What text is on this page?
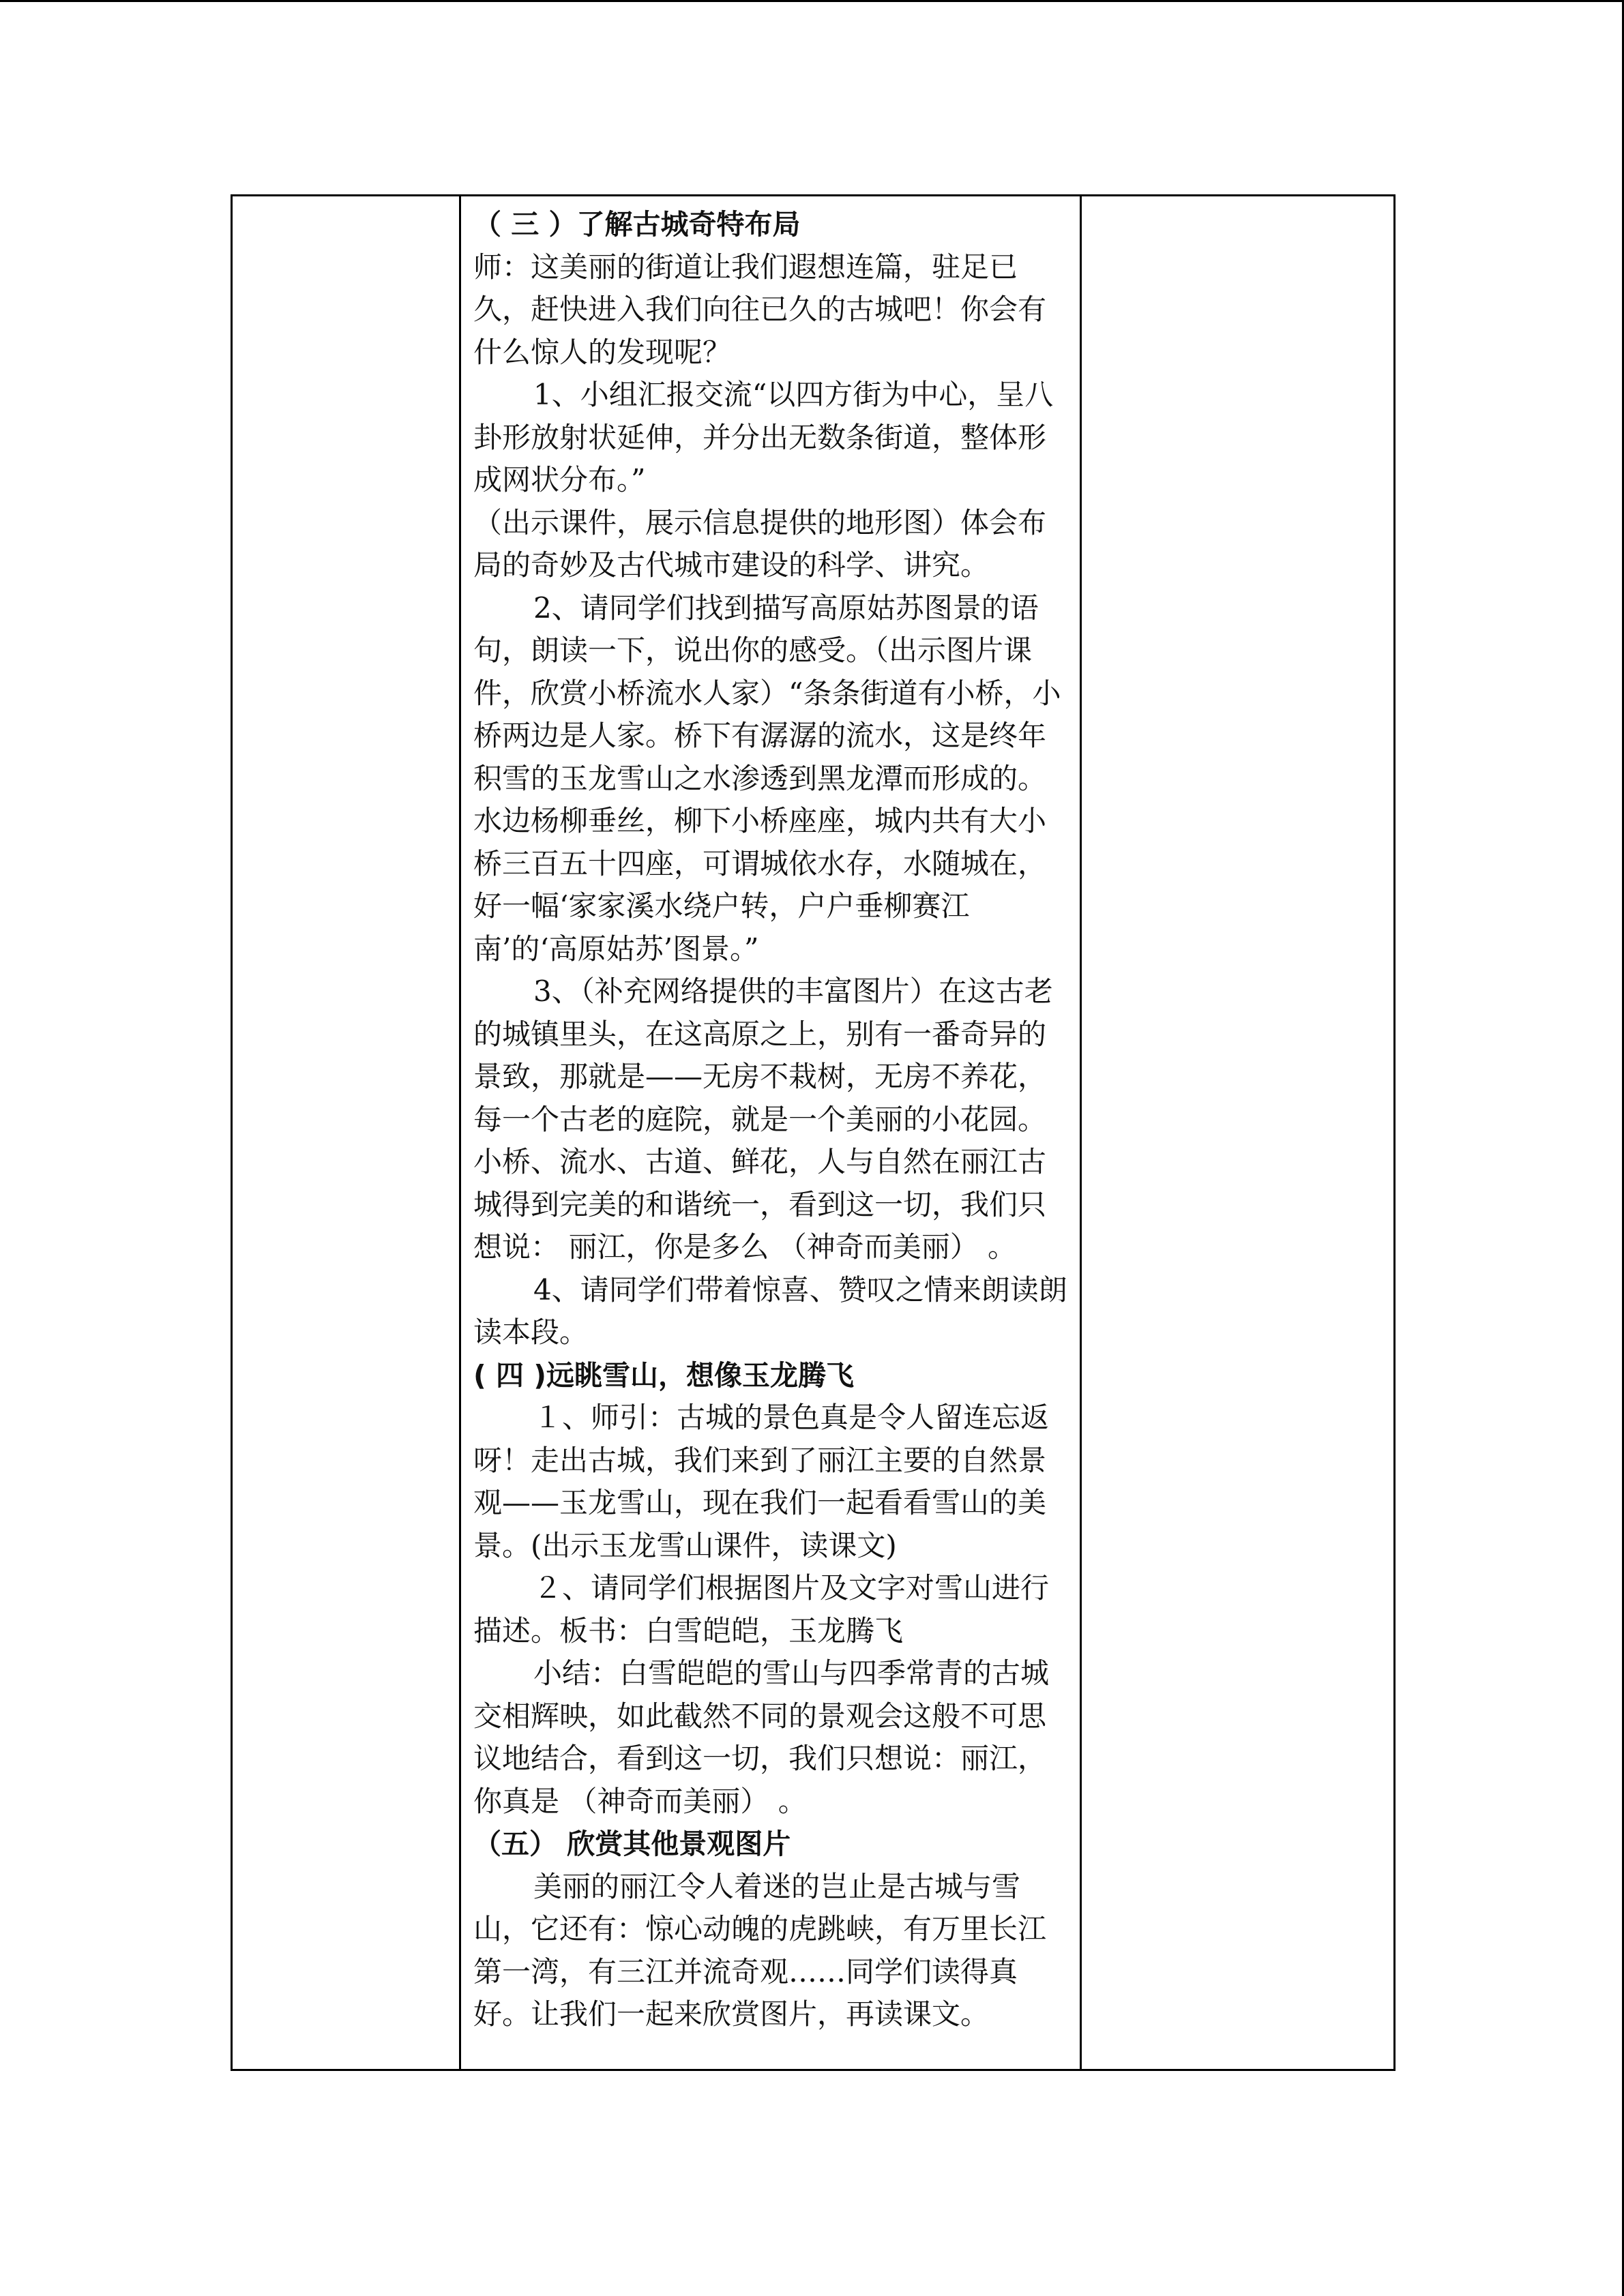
（ 三 ）了解古城奇特布局

师：这美丽的街道让我们遐想连篇，驻足已久，赶快进入我们向往已久的古城吧！你会有什么惊人的发现呢？

1、小组汇报交流“以四方街为中心，呈八卦形放射状延伸，并分出无数条街道，整体形成网状分布。”

（出示课件，展示信息提供的地形图）体会布局的奇妙及古代城市建设的科学、讲究。

2、请同学们找到描写高原姑苏图景的语句，朗读一下，说出你的感受。（出示图片课件，欣赏小桥流水人家）“条条街道有小桥，小桥两边是人家。桥下有潺潺的流水，这是终年积雪的玉龙雪山之水渗透到黑龙潭而形成的。水边杨柳垂丝，柳下小桥座座，城内共有大小桥三百五十四座，可谓城依水存，水随城在，好一幅‘家家溪水绕户转，户户垂柳赛江南’的‘高原姑苏’图景。”

3、（补充网络提供的丰富图片）在这古老的城镇里头，在这高原之上，别有一番奇异的景致，那就是——无房不栽树，无房不养花，每一个古老的庭院，就是一个美丽的小花园。小桥、流水、古道、鲜花，人与自然在丽江古城得到完美的和谐统一，看到这一切，我们只想说： 丽江，你是多么 （神奇而美丽） 。

4、请同学们带着惊喜、赞叹之情来朗读朗读本段。

( 四 )远眺雪山，想像玉龙腾飞

１、师引：古城的景色真是令人留连忘返呀！走出古城，我们来到了丽江主要的自然景观——玉龙雪山，现在我们一起看看雪山的美景。(出示玉龙雪山课件，读课文)

２、请同学们根据图片及文字对雪山进行描述。板书：白雪皑皑，玉龙腾飞

小结：白雪皑皑的雪山与四季常青的古城交相辉映，如此截然不同的景观会这般不可思议地结合，看到这一切，我们只想说：丽江，你真是 （神奇而美丽） 。

（五） 欣赏其他景观图片

美丽的丽江令人着迷的岂止是古城与雪山，它还有：惊心动魄的虎跳峡，有万里长江第一湾，有三江并流奇观……同学们读得真好。让我们一起来欣赏图片，再读课文。
